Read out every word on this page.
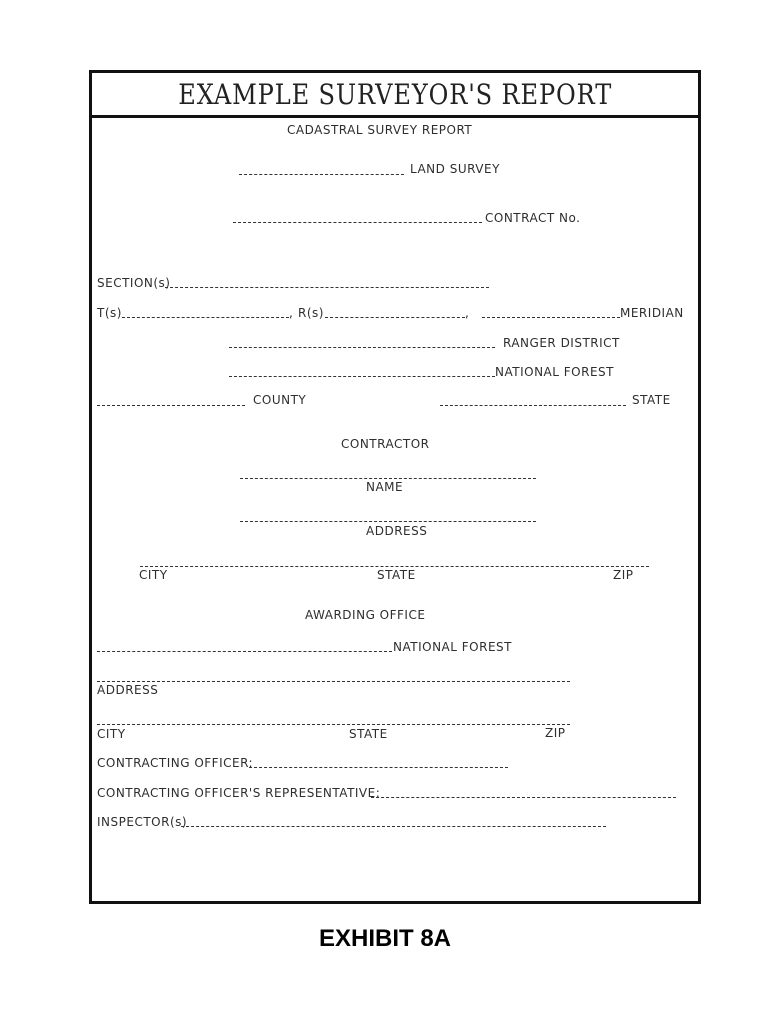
EXAMPLE SURVEYOR'S REPORT
CADASTRAL SURVEY REPORT
LAND SURVEY
CONTRACT No.
SECTION(s)
T(s)	, R(s)	,	MERIDIAN
RANGER DISTRICT
NATIONAL FOREST
COUNTY	STATE
CONTRACTOR
NAME
ADDRESS
CITY	STATE	ZIP
AWARDING OFFICE
NATIONAL FOREST
ADDRESS
CITY	STATE	ZIP
CONTRACTING OFFICER:
CONTRACTING OFFICER'S REPRESENTATIVE:
INSPECTOR(s)
EXHIBIT 8A
